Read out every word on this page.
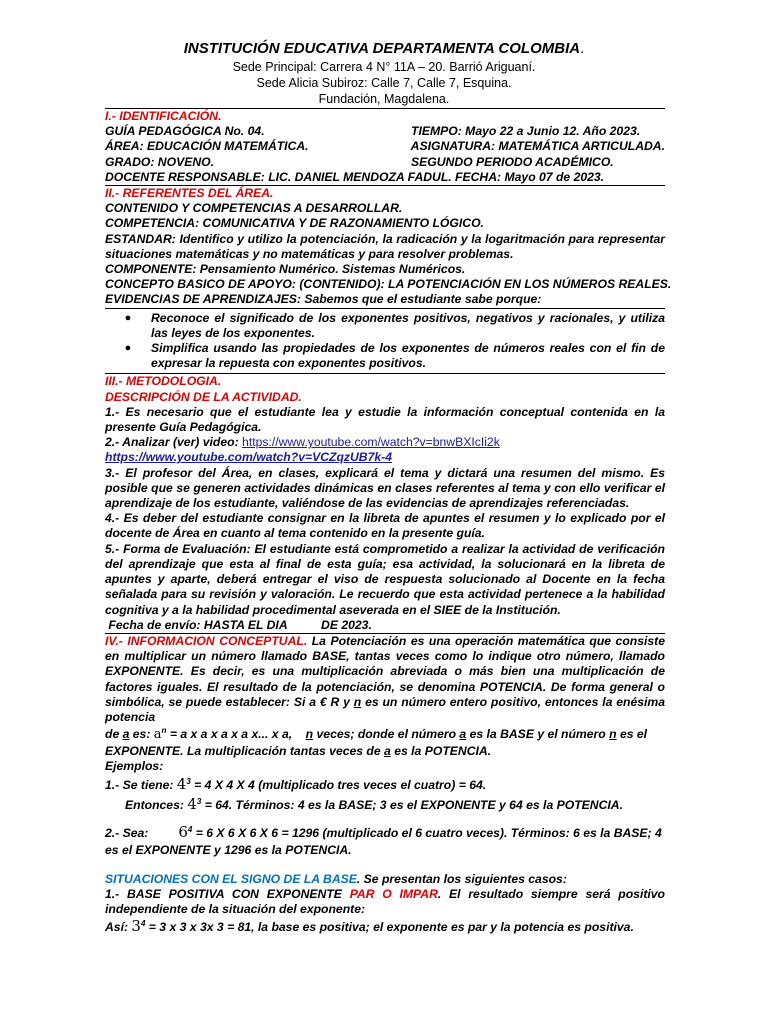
INSTITUCIÓN EDUCATIVA DEPARTAMENTA COLOMBIA.
Sede Principal: Carrera 4 N° 11A – 20. Barrió Ariguaní.
Sede Alicia Subiroz: Calle 7, Calle 7, Esquina.
Fundación, Magdalena.
I.- IDENTIFICACIÓN.
GUÍA PEDAGÓGICA No. 04.	TIEMPO: Mayo 22 a Junio 12. Año 2023.
ÁREA: EDUCACIÓN MATEMÁTICA.	ASIGNATURA: MATEMÁTICA ARTICULADA.
GRADO: NOVENO.	SEGUNDO PERIODO ACADÉMICO.
DOCENTE RESPONSABLE: LIC. DANIEL MENDOZA FADUL. FECHA: Mayo 07 de 2023.
II.- REFERENTES DEL ÁREA.
CONTENIDO Y COMPETENCIAS A DESARROLLAR.
COMPETENCIA: COMUNICATIVA Y DE RAZONAMIENTO LÓGICO.
ESTANDAR: Identifico y utilizo la potenciación, la radicación y la logaritmación para representar situaciones matemáticas y no matemáticas y para resolver problemas.
COMPONENTE: Pensamiento Numérico. Sistemas Numéricos.
CONCEPTO BASICO DE APOYO: (CONTENIDO): LA POTENCIACIÓN EN LOS NÚMEROS REALES.
EVIDENCIAS DE APRENDIZAJES: Sabemos que el estudiante sabe porque:
●	Reconoce el significado de los exponentes positivos, negativos y racionales, y utiliza las leyes de los exponentes.
●	Simplifica usando las propiedades de los exponentes de números reales con el fin de expresar la repuesta con exponentes positivos.
III.- METODOLOGIA.
DESCRIPCIÓN DE LA ACTIVIDAD.
1.- Es necesario que el estudiante lea y estudie la información conceptual contenida en la presente Guía Pedagógica.
2.- Analizar (ver) video: https://www.youtube.com/watch?v=bnwBXIcIi2k
https://www.youtube.com/watch?v=VCZqzUB7k-4
3.- El profesor del Área, en clases, explicará el tema y dictará una resumen del mismo. Es posible que se generen actividades dinámicas en clases referentes al tema y con ello verificar el aprendizaje de los estudiante, valiéndose de las evidencias de aprendizajes referenciadas.
4.- Es deber del estudiante consignar en la libreta de apuntes el resumen y lo explicado por el docente de Área en cuanto al tema contenido en la presente guía.
5.- Forma de Evaluación: El estudiante está comprometido a realizar la actividad de verificación del aprendizaje que esta al final de esta guía; esa actividad, la solucionará en la libreta de apuntes y aparte, deberá entregar el viso de respuesta solucionado al Docente en la fecha señalada para su revisión y valoración. Le recuerdo que esta actividad pertenece a la habilidad cognitiva y a la habilidad procedimental aseverada en el SIEE de la Institución.
Fecha de envío: HASTA EL DIA          DE 2023.
IV.- INFORMACION CONCEPTUAL. La Potenciación es una operación matemática que consiste en multiplicar un número llamado BASE, tantas veces como lo indique otro número, llamado EXPONENTE. Es decir, es una multiplicación abreviada o más bien una multiplicación de factores iguales. El resultado de la potenciación, se denomina POTENCIA. De forma general o simbólica, se puede establecer: Si a € R y n es un número entero positivo, entonces la enésima potencia
de a es: $a^n = a$ x a x a x a x... x a,    n veces; donde el número a es la BASE y el número n es el
EXPONENTE. La multiplicación tantas veces de a es la POTENCIA.
Ejemplos:
1.- Se tiene: $4^3 = 4$ X 4 X 4 (multiplicado tres veces el cuatro) = 64.
Entonces: $4^3 = 64$. Términos: 4 es la BASE; 3 es el EXPONENTE y 64 es la POTENCIA.
2.- Sea: $6^4 = 6$ X 6 X 6 X 6 = 1296 (multiplicado el 6 cuatro veces). Términos: 6 es la BASE; 4
es el EXPONENTE y 1296 es la POTENCIA.
SITUACIONES CON EL SIGNO DE LA BASE. Se presentan los siguientes casos:
1.- BASE POSITIVA CON EXPONENTE PAR O IMPAR. El resultado siempre será positivo independiente de la situación del exponente:
Así: $3^4 = 3$ x 3 x 3x 3 = 81, la base es positiva; el exponente es par y la potencia es positiva.
